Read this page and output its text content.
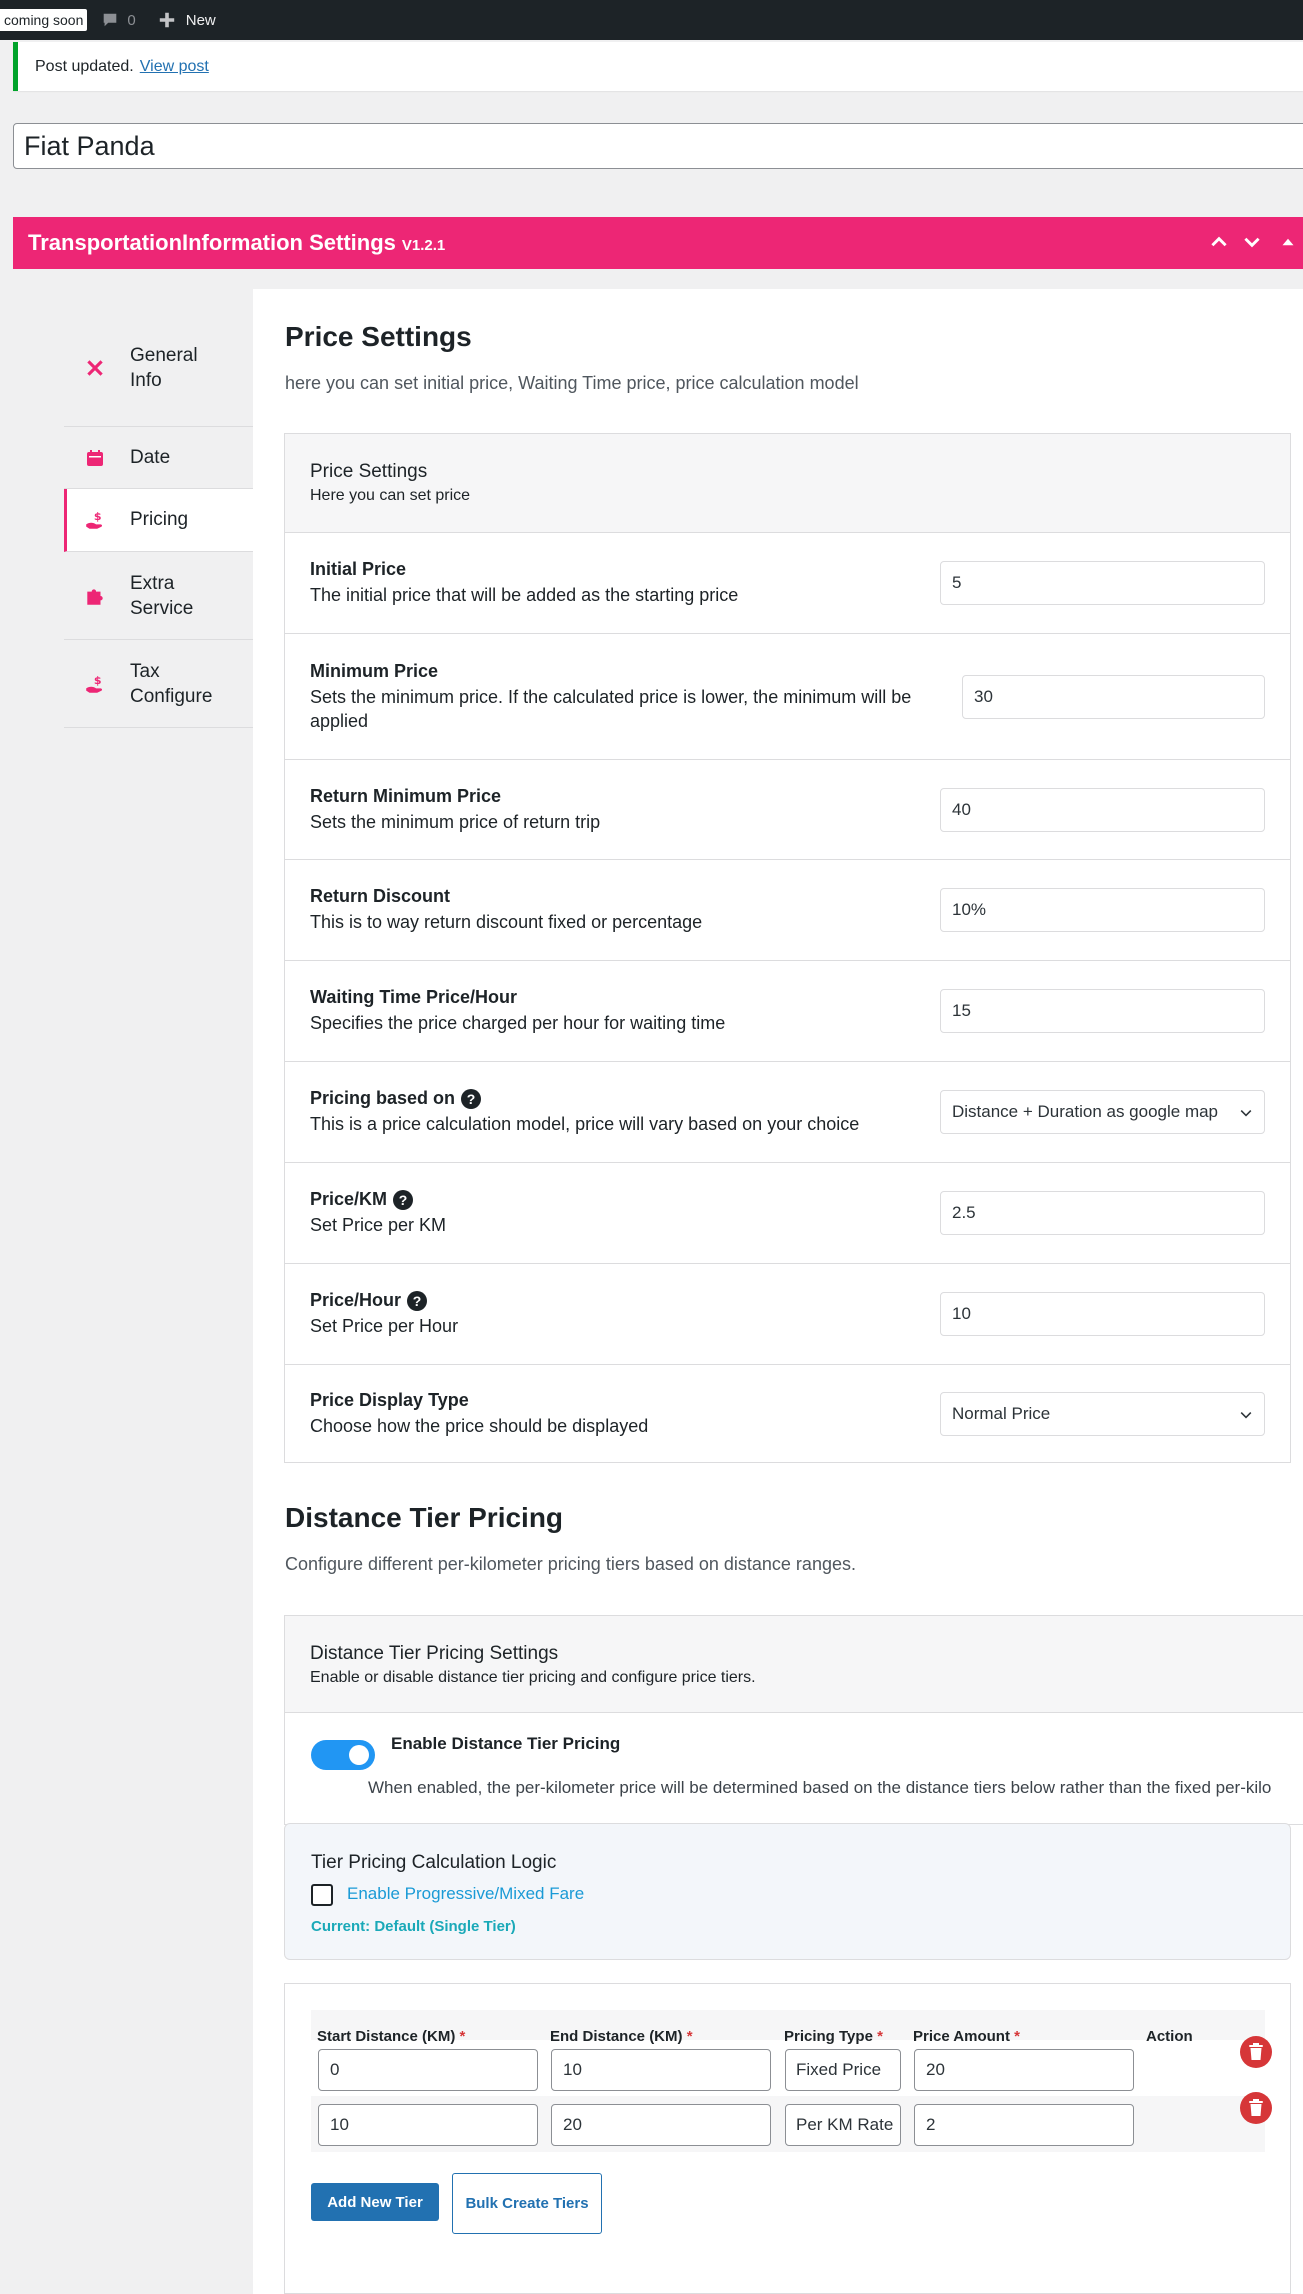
coming soon	0	New
Post updated. View post
Fiat Panda
TransportationInformation Settings V1.2.1
General Info
Date
$ Pricing
Extra Service
$ Tax Configure
Price Settings
here you can set initial price, Waiting Time price, price calculation model
Price Settings
Here you can set price
Initial Price
The initial price that will be added as the starting price
5
Minimum Price
Sets the minimum price. If the calculated price is lower, the minimum will be applied
30
Return Minimum Price
Sets the minimum price of return trip
40
Return Discount
This is to way return discount fixed or percentage
10%
Waiting Time Price/Hour
Specifies the price charged per hour for waiting time
15
Pricing based on ?
This is a price calculation model, price will vary based on your choice
Distance + Duration as google map
Price/KM ?
Set Price per KM
2.5
Price/Hour ?
Set Price per Hour
10
Price Display Type
Choose how the price should be displayed
Normal Price
Distance Tier Pricing
Configure different per-kilometer pricing tiers based on distance ranges.
Distance Tier Pricing Settings
Enable or disable distance tier pricing and configure price tiers.
Enable Distance Tier Pricing
When enabled, the per-kilometer price will be determined based on the distance tiers below rather than the fixed per-kilo
Tier Pricing Calculation Logic
Enable Progressive/Mixed Fare
Current: Default (Single Tier)
Start Distance (KM) *	End Distance (KM) *	Pricing Type * Price Amount *	Action
0	10	Fixed Price	20
10	20	Per KM Rate	2
Add New Tier	Bulk Create Tiers
